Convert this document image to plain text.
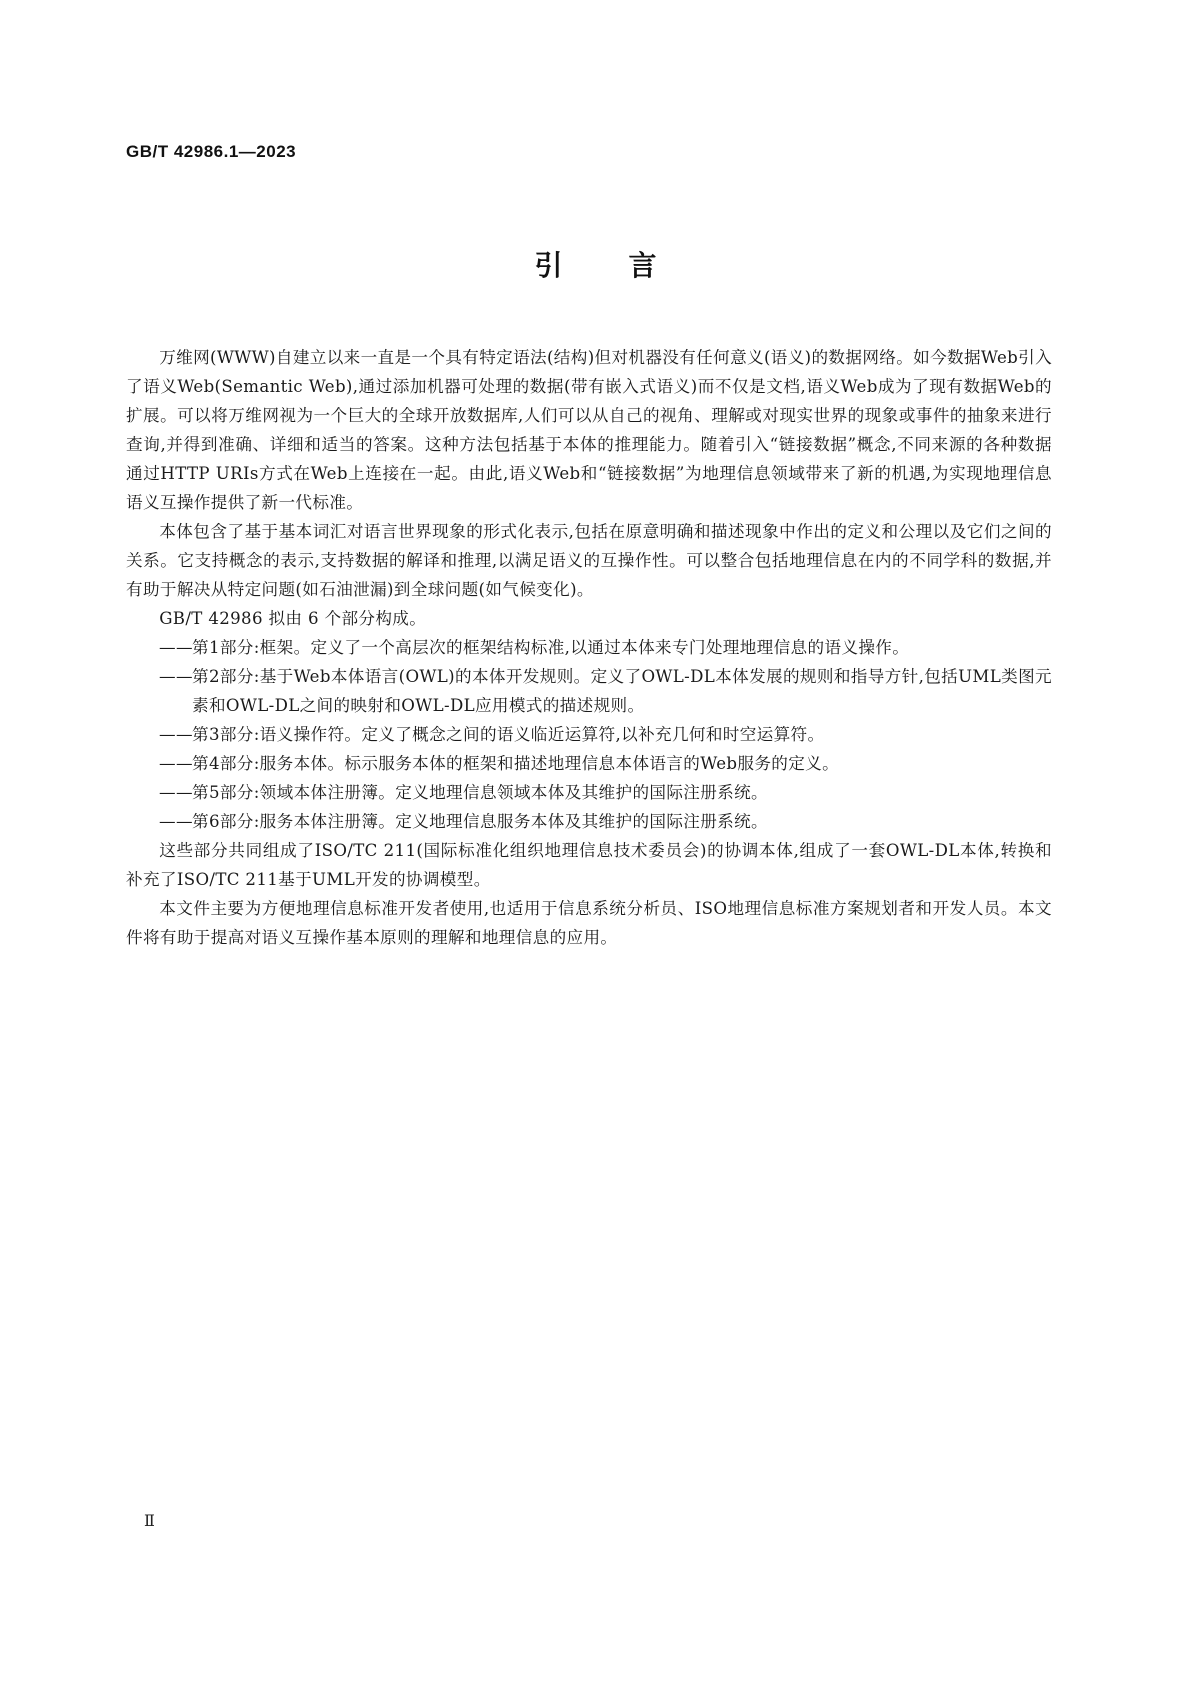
GB/T 42986.1—2023
引言

万维网(WWW)自建立以来一直是一个具有特定语法(结构)但对机器没有任何意义(语义)的数据网络。如今数据Web引入了语义Web(Semantic Web),通过添加机器可处理的数据(带有嵌入式语义)而不仅是文档,语义Web成为了现有数据Web的扩展。可以将万维网视为一个巨大的全球开放数据库,人们可以从自己的视角、理解或对现实世界的现象或事件的抽象来进行查询,并得到准确、详细和适当的答案。这种方法包括基于本体的推理能力。随着引入“链接数据”概念,不同来源的各种数据通过HTTP URIs方式在Web上连接在一起。由此,语义Web和“链接数据”为地理信息领域带来了新的机遇,为实现地理信息语义互操作提供了新一代标准。

本体包含了基于基本词汇对语言世界现象的形式化表示,包括在原意明确和描述现象中作出的定义和公理以及它们之间的关系。它支持概念的表示,支持数据的解译和推理,以满足语义的互操作性。可以整合包括地理信息在内的不同学科的数据,并有助于解决从特定问题(如石油泄漏)到全球问题(如气候变化)。

GB/T 42986 拟由 6 个部分构成。

——第1部分:框架。定义了一个高层次的框架结构标准,以通过本体来专门处理地理信息的语义操作。
——第2部分:基于Web本体语言(OWL)的本体开发规则。定义了OWL-DL本体发展的规则和指导方针,包括UML类图元素和OWL-DL之间的映射和OWL-DL应用模式的描述规则。
——第3部分:语义操作符。定义了概念之间的语义临近运算符,以补充几何和时空运算符。
——第4部分:服务本体。标示服务本体的框架和描述地理信息本体语言的Web服务的定义。
——第5部分:领域本体注册簿。定义地理信息领域本体及其维护的国际注册系统。
——第6部分:服务本体注册簿。定义地理信息服务本体及其维护的国际注册系统。

这些部分共同组成了ISO/TC 211(国际标准化组织地理信息技术委员会)的协调本体,组成了一套OWL-DL本体,转换和补充了ISO/TC 211基于UML开发的协调模型。

本文件主要为方便地理信息标准开发者使用,也适用于信息系统分析员、ISO地理信息标准方案规划者和开发人员。本文件将有助于提高对语义互操作基本原则的理解和地理信息的应用。

Ⅱ
